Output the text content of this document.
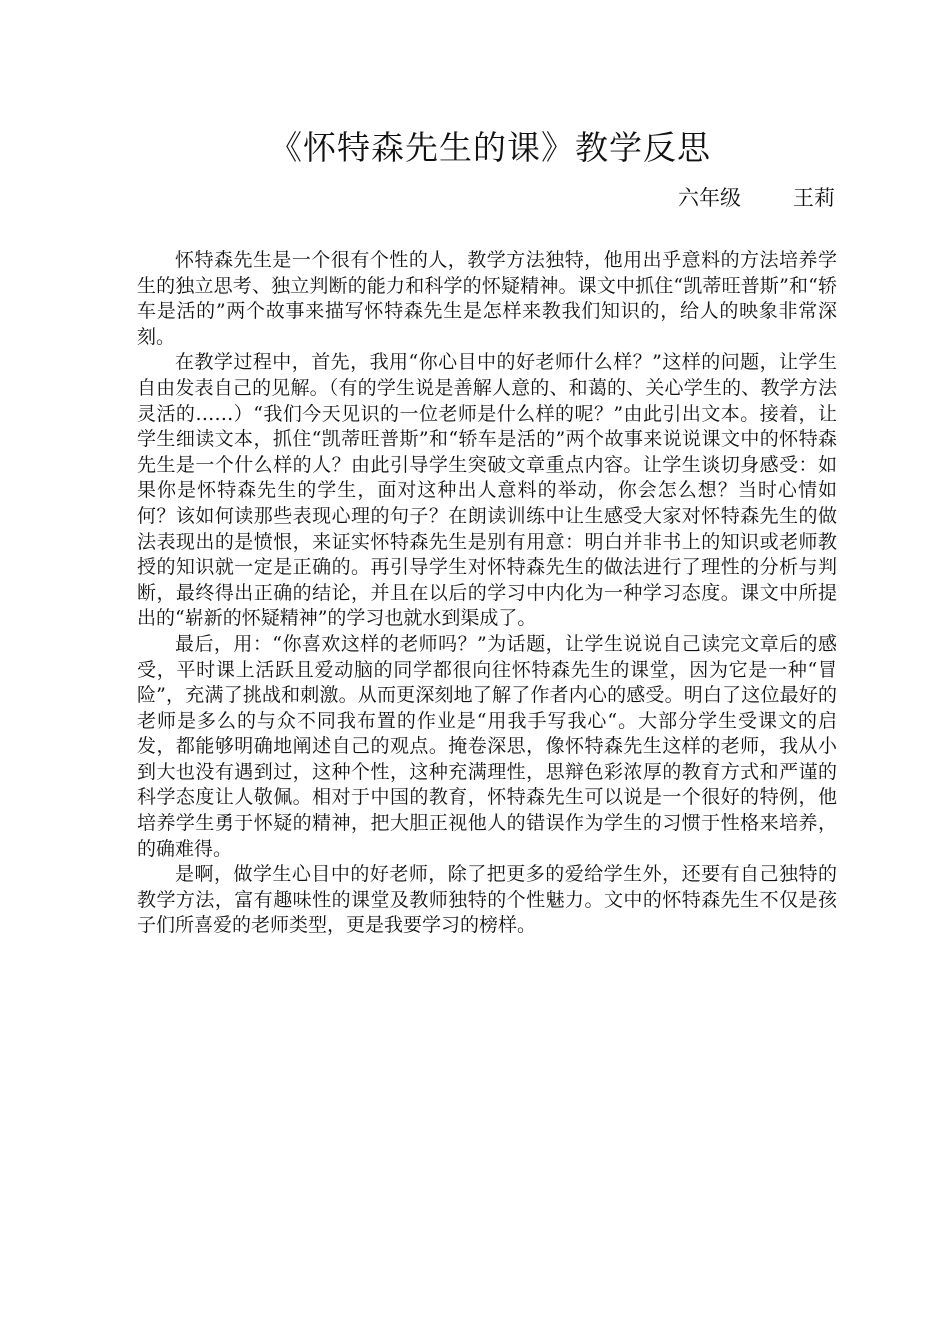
《怀特森先生的课》教学反思
六年级 王莉

怀特森先生是一个很有个性的人，教学方法独特，他用出乎意料的方法培养学生的独立思考、独立判断的能力和科学的怀疑精神。课文中抓住“凯蒂旺普斯”和“轿车是活的”两个故事来描写怀特森先生是怎样来教我们知识的，给人的映象非常深刻。

在教学过程中，首先，我用“你心目中的好老师什么样？”这样的问题，让学生自由发表自己的见解。（有的学生说是善解人意的、和蔼的、关心学生的、教学方法灵活的……）“我们今天见识的一位老师是什么样的呢？”由此引出文本。接着，让学生细读文本，抓住“凯蒂旺普斯”和“轿车是活的”两个故事来说说课文中的怀特森先生是一个什么样的人？由此引导学生突破文章重点内容。让学生谈切身感受：如果你是怀特森先生的学生，面对这种出人意料的举动，你会怎么想？当时心情如何？该如何读那些表现心理的句子？在朗读训练中让生感受大家对怀特森先生的做法表现出的是愤恨，来证实怀特森先生是别有用意：明白并非书上的知识或老师教授的知识就一定是正确的。再引导学生对怀特森先生的做法进行了理性的分析与判断，最终得出正确的结论，并且在以后的学习中内化为一种学习态度。课文中所提出的“崭新的怀疑精神”的学习也就水到渠成了。

最后，用：“你喜欢这样的老师吗？”为话题，让学生说说自己读完文章后的感受，平时课上活跃且爱动脑的同学都很向往怀特森先生的课堂，因为它是一种“冒险”，充满了挑战和刺激。从而更深刻地了解了作者内心的感受。明白了这位最好的老师是多么的与众不同我布置的作业是“用我手写我心“。大部分学生受课文的启发，都能够明确地阐述自己的观点。掩卷深思，像怀特森先生这样的老师，我从小到大也没有遇到过，这种个性，这种充满理性，思辩色彩浓厚的教育方式和严谨的科学态度让人敬佩。相对于中国的教育，怀特森先生可以说是一个很好的特例，他培养学生勇于怀疑的精神，把大胆正视他人的错误作为学生的习惯于性格来培养，的确难得。

是啊，做学生心目中的好老师，除了把更多的爱给学生外，还要有自己独特的教学方法，富有趣味性的课堂及教师独特的个性魅力。文中的怀特森先生不仅是孩子们所喜爱的老师类型，更是我要学习的榜样。
